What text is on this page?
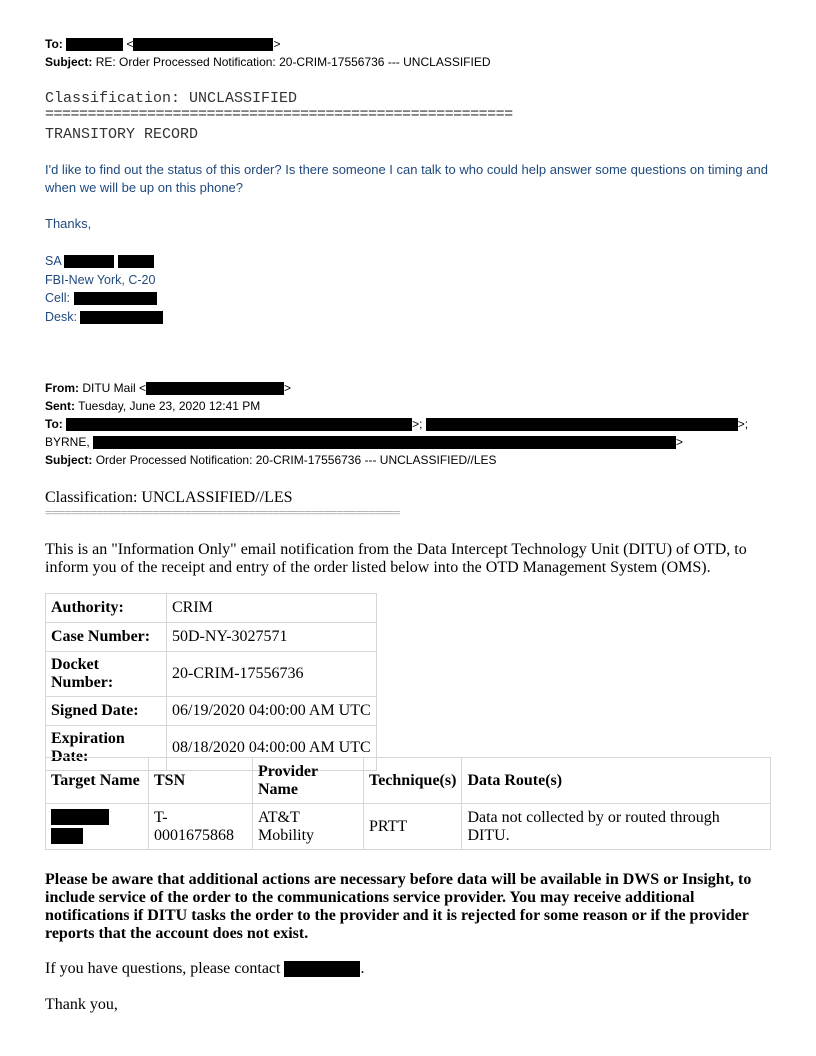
To:	<	>
Subject: RE: Order Processed Notification: 20-CRIM-17556736 --- UNCLASSIFIED
Classification: UNCLASSIFIED
=======================================================
TRANSITORY RECORD
I'd like to find out the status of this order? Is there someone I can talk to who could help answer some questions on timing and when we will be up on this phone?
Thanks,
SA
FBI-New York, C-20
Cell:
Desk:
From: DITU Mail <	>
Sent: Tuesday, June 23, 2020 12:41 PM
To:	>;	>;
BYRNE,	>
Subject: Order Processed Notification: 20-CRIM-17556736 --- UNCLASSIFIED//LES
Classification: UNCLASSIFIED//LES
========================================================
This is an "Information Only" email notification from the Data Intercept Technology Unit (DITU) of OTD, to inform you of the receipt and entry of the order listed below into the OTD Management System (OMS).
Authority:	CRIM
Case Number:	50D-NY-3027571
Docket Number:	20-CRIM-17556736
Signed Date:	06/19/2020 04:00:00 AM UTC
Expiration Date:	08/18/2020 04:00:00 AM UTC
Target Name	TSN	Provider Name	Technique(s)	Data Route(s)

	T-0001675868	AT&T Mobility	PRTT	Data not collected by or routed through DITU.
Please be aware that additional actions are necessary before data will be available in DWS or Insight, to include service of the order to the communications service provider. You may receive additional notifications if DITU tasks the order to the provider and it is rejected for some reason or if the provider reports that the account does not exist.
If you have questions, please contact	.
Thank you,
